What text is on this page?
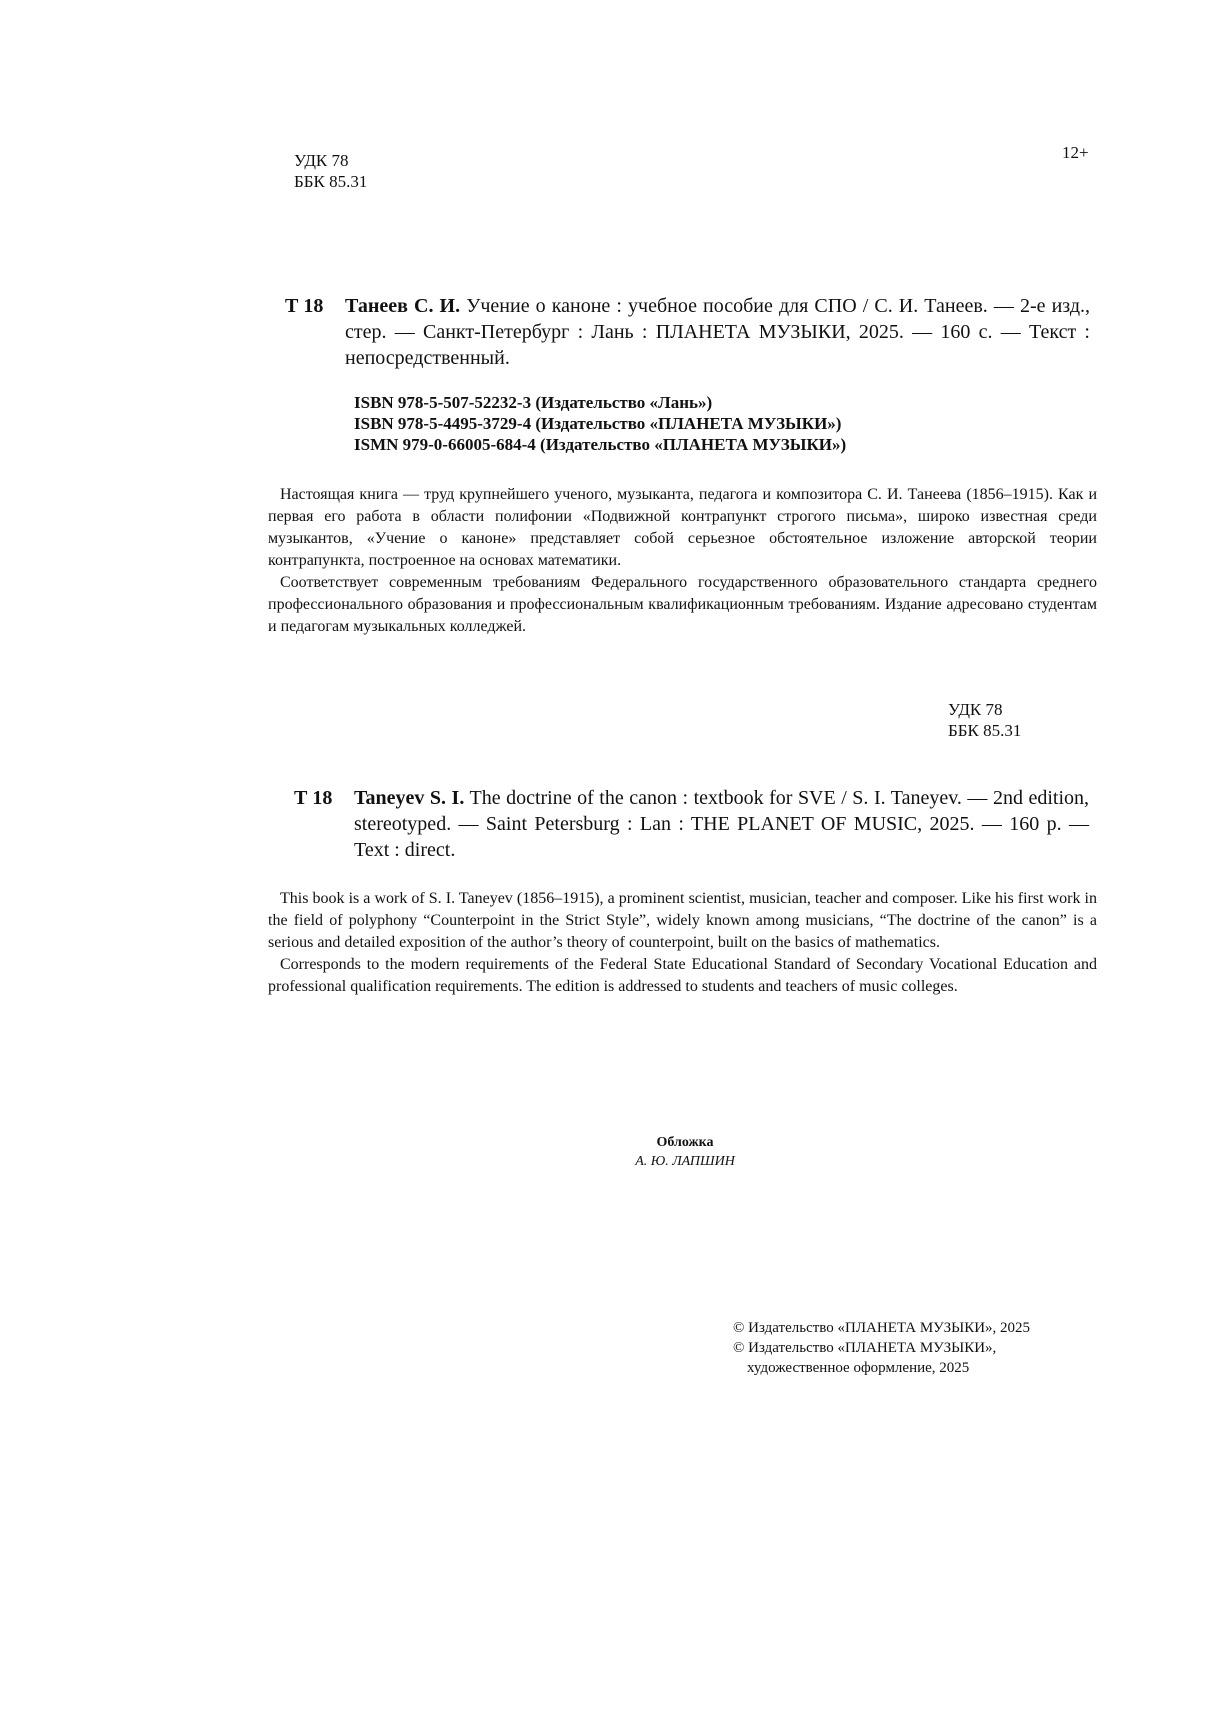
УДК 78
ББК 85.31
12+
Т 18 Танеев С. И. Учение о каноне : учебное пособие для СПО / С. И. Танеев. — 2-е изд., стер. — Санкт-Петербург : Лань : ПЛАНЕТА МУЗЫКИ, 2025. — 160 с. — Текст : непосредственный.
ISBN 978-5-507-52232-3 (Издательство «Лань»)
ISBN 978-5-4495-3729-4 (Издательство «ПЛАНЕТА МУЗЫКИ»)
ISMN 979-0-66005-684-4 (Издательство «ПЛАНЕТА МУЗЫКИ»)

Настоящая книга — труд крупнейшего ученого, музыканта, педагога и композитора С. И. Танеева (1856–1915). Как и первая его работа в области полифонии «Подвижной контрапункт строгого письма», широко известная среди музыкантов, «Учение о каноне» представляет собой серьезное обстоятельное изложение авторской теории контрапункта, построенное на основах математики.

Соответствует современным требованиям Федерального государственного образовательного стандарта среднего профессионального образования и профессиональным квалификационным требованиям. Издание адресовано студентам и педагогам музыкальных колледжей.

УДК 78
ББК 85.31
Т 18 Taneyev S. I. The doctrine of the canon : textbook for SVE / S. I. Taneyev. — 2nd edition, stereotyped. — Saint Petersburg : Lan : THE PLANET OF MUSIC, 2025. — 160 p. — Text : direct.

This book is a work of S. I. Taneyev (1856–1915), a prominent scientist, musician, teacher and composer. Like his first work in the field of polyphony “Counterpoint in the Strict Style”, widely known among musicians, “The doctrine of the canon” is a serious and detailed exposition of the author’s theory of counterpoint, built on the basics of mathematics.

Corresponds to the modern requirements of the Federal State Educational Standard of Secondary Vocational Education and professional qualification requirements. The edition is addressed to students and teachers of music colleges.

Обложка
А. Ю. ЛАПШИН
© Издательство «ПЛАНЕТА МУЗЫКИ», 2025
© Издательство «ПЛАНЕТА МУЗЫКИ»,
художественное оформление, 2025
